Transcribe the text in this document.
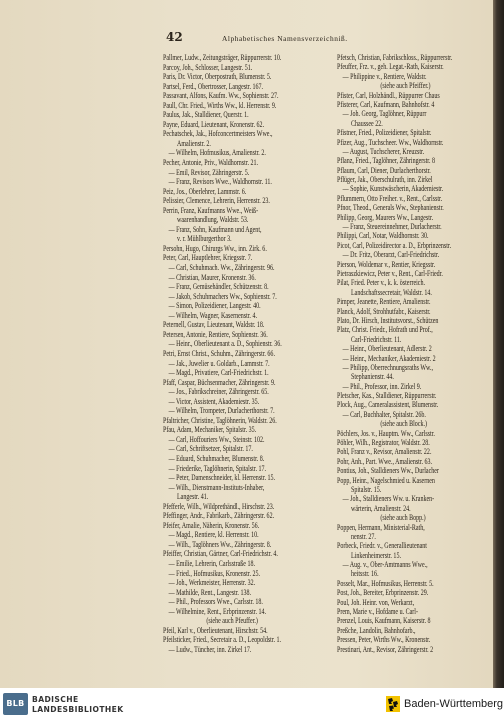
42	Alphabetisches Namensverzeichniß.
Pallmer, Ludw., Zeitungsträger, Rüppurrerstr. 10.
Parcoy, Joh., Schlosser, Langestr. 51.
Paris, Dr. Victor, Oberpostrath, Blumenstr. 5.
Partsel, Ferd., Obertrosser, Langestr. 167.
Passavant, Alfons, Kaufm. Ww., Sophienstr. 27.
Paull, Chr. Fried., Wirths Ww., kl. Herrenstr. 9.
Paulus, Jak., Stalldiener, Querstr. 1.
Payne, Eduard, Lieutenant, Kronenstr. 62.
Pechatschek, Jak., Hofconcertmeisters Wwe.,
Amalienstr. 2.
— Wilhelm, Hofmusikus, Amalienstr. 2.
Pecher, Antonie, Priv., Waldhornstr. 21.
— Emil, Revisor, Zähringerstr. 5.
— Franz, Revisors Wwe., Waldhornstr. 11.
Peiz, Jos., Oberlehrer, Lammstr. 6.
Pelissier, Clemence, Lehrerin, Herrenstr. 23.
Perrin, Franz, Kaufmanns Wwe., Weiß-
waarenhandlung, Waldstr. 53.
— Franz, Sohn, Kaufmann und Agent,
v. r. Mühlburgerthor 3.
Persohn, Hugo, Chirurgs Ww., inn. Zirk. 6.
Peter, Carl, Hauptlehrer, Kriegsstr. 7.
— Carl, Schuhmach. Ww., Zähringerstr. 96.
— Christian, Maurer, Kronenstr. 36.
— Franz, Gemüsehändler, Schützenstr. 8.
— Jakob, Schuhmachers Ww., Sophienstr. 7.
— Simon, Polizeidiener, Langestr. 40.
— Wilhelm, Wagner, Kasernenstr. 4.
Peternell, Gustav, Lieutenant, Waldstr. 18.
Petersen, Antonie, Rentiere, Sophienstr. 36.
— Heinr., Oberlieutenant a. D., Sophienstr. 36.
Petri, Ernst Christ., Schuhm., Zähringerstr. 66.
— Jak., Juwelier u. Goldarb., Lammstr. 7.
— Magd., Privatiere, Carl-Friedrichstr. 1.
Pfaff, Caspar, Büchsenmacher, Zähringerstr. 9.
— Jos., Fabrikschreiner, Zähringerstr. 65.
— Victor, Assistent, Akademiestr. 35.
— Wilhelm, Trompeter, Durlacherthorstr. 7.
Pfaltricher, Christine, Taglöhnerin, Waldstr. 26.
Pfau, Adam, Mechaniker, Spitalstr. 35.
— Carl, Hoffouriers Ww., Steinstr. 102.
— Carl, Schriftsetzer, Spitalstr. 17.
— Eduard, Schuhmacher, Blumenstr. 8.
— Friederike, Taglöhnerin, Spitalstr. 17.
— Peter, Damenschneider, kl. Herrenstr. 15.
— Wilh., Dienstmann-Instituts-Inhaber,
Langestr. 41.
Pfefferle, Wilh., Wildprethändl., Hirschstr. 23.
Pfeffinger, Andr., Fabrikarb., Zähringerstr. 62.
Pfeifer, Amalie, Näherin, Kronenstr. 56.
— Magd., Rentiere, kl. Herrenstr. 10.
— Wilh., Taglöhners Ww., Zähringerstr. 8.
Pfeiffer, Christian, Gärtner, Carl-Friedrichstr. 4.
— Emilie, Lehrerin, Carlsstraße 18.
— Fried., Hofmusikus, Kronenstr. 25.
— Joh., Werkmeister, Herrenstr. 32.
— Mathilde, Rent., Langestr. 138.
— Phil., Professors Wwe., Carlsstr. 18.
— Wilhelmine, Rent., Erbprinzenstr. 14.
(siehe auch Pfeuffer.)
Pfeil, Karl v., Oberlieutenant, Hirschstr. 54.
Pfeilsticker, Fried., Secretair a. D., Leopoldstr. 1.
— Ludw., Tüncher, inn. Zirkel 17.
Pfetsch, Christian, Fabrikschloss., Rüppurrerstr.
Pfeuffer, Frz. v., geh. Legat.-Rath, Kaiserstr.
— Philippine v., Rentiere, Waldstr.
(siehe auch Pfeiffer.)
Pfister, Carl, Holzhändl., Rüppurrer Chaus
Pfisterer, Carl, Kaufmann, Bahnhofstr. 4
— Joh. Georg, Taglöhner, Rüppurr
Chaussee 22.
Pfistner, Fried., Polizeidiener, Spitalstr.
Pfizer, Aug., Tuchscheer. Ww., Waldhornstr.
— August, Tuchscherer, Kreuzstr.
Pflanz, Fried., Taglöhner, Zähringerstr. 8
Pflaum, Carl, Diener, Durlacherthorstr.
Pflüger, Jak., Oberschulrath, inn. Zirkel
— Sophie, Kunstwäscherin, Akademiestr.
Pflummern, Otto Freiher. v., Rent., Carlsstr.
Pfnor, Theod., Generals Ww., Stephanienstr.
Philipp, Georg, Maurers Ww., Langestr.
— Franz, Steuereinnehmer, Durlacherstr.
Philippi, Carl, Notar, Waldhornstr. 30.
Picot, Carl, Polizeidirector a. D., Erbprinzenstr.
— Dr. Fritz, Oberarzt, Carl-Friedrichstr.
Pierson, Woldemar v., Rentier, Kriegsstr.
Pietraszkiewicz, Peter v., Rent., Carl-Friedr.
Pilat, Fried. Peter v., k. k. österreich.
Landschaftssecretair, Waldstr. 14.
Pimper, Jeanette, Rentiere, Amalienstr.
Planck, Adolf, Strohhutfabr., Kaiserstr.
Plato, Dr. Hirsch, Institutsvorst., Schützen
Platz, Christ. Friedr., Hofrath und Prof.,
Carl-Friedrichstr. 11.
— Heinr., Oberlieutenant, Adlerstr. 2
— Heinr., Mechaniker, Akademiestr. 2
— Philipp, Oberrechnungsraths Ww.,
Stephanienstr. 44.
— Phil., Professor, inn. Zirkel 9.
Pletscher, Kas., Stalldiener, Rüppurrerstr.
Plock, Aug., Cameralassistent, Blumenstr.
— Carl, Buchhalter, Spitalstr. 26b.
(siehe auch Block.)
Pöchlers, Jos. v., Hauptm. Ww., Carlsstr.
Pöhler, Wilh., Registrator, Waldstr. 28.
Pohl, Franz v., Revisor, Amalienstr. 22.
Pohr, Anh., Part. Wwe., Amalienstr. 63.
Pontius, Joh., Stalldieners Ww., Durlacher
Popp, Heinr., Nagelschmied u. Kasernen
Spitalstr. 15.
— Joh., Stalldieners Ww. u. Kranken-
wärterin, Amalienstr. 24.
(siehe auch Bopp.)
Poppen, Hermann, Ministerial-Rath,
nenstr. 27.
Porbeck, Friedr. v., Generallieutenant
Linkenheimerstr. 15.
— Aug. v., Ober-Amtmanns Wwe.,
heitsstr. 16.
Posselt, Mar., Hofmusikus, Herrenstr. 5.
Post, Joh., Bereiter, Erbprinzenstr. 29.
Poul, Joh. Heinr. von, Werkarzt,
Prem, Marie v., Hofdame u. Carl-
Prenzel, Louis, Kaufmann, Kaiserstr. 8
Preßche, Landolin, Bahnhofarb.,
Pressen, Peter, Wirths Ww., Kronenstr.
Prestinari, Ant., Revisor, Zähringerstr. 2
BLB BADISCHE
LANDESBIBLIOTHEK	Baden-Württemberg
